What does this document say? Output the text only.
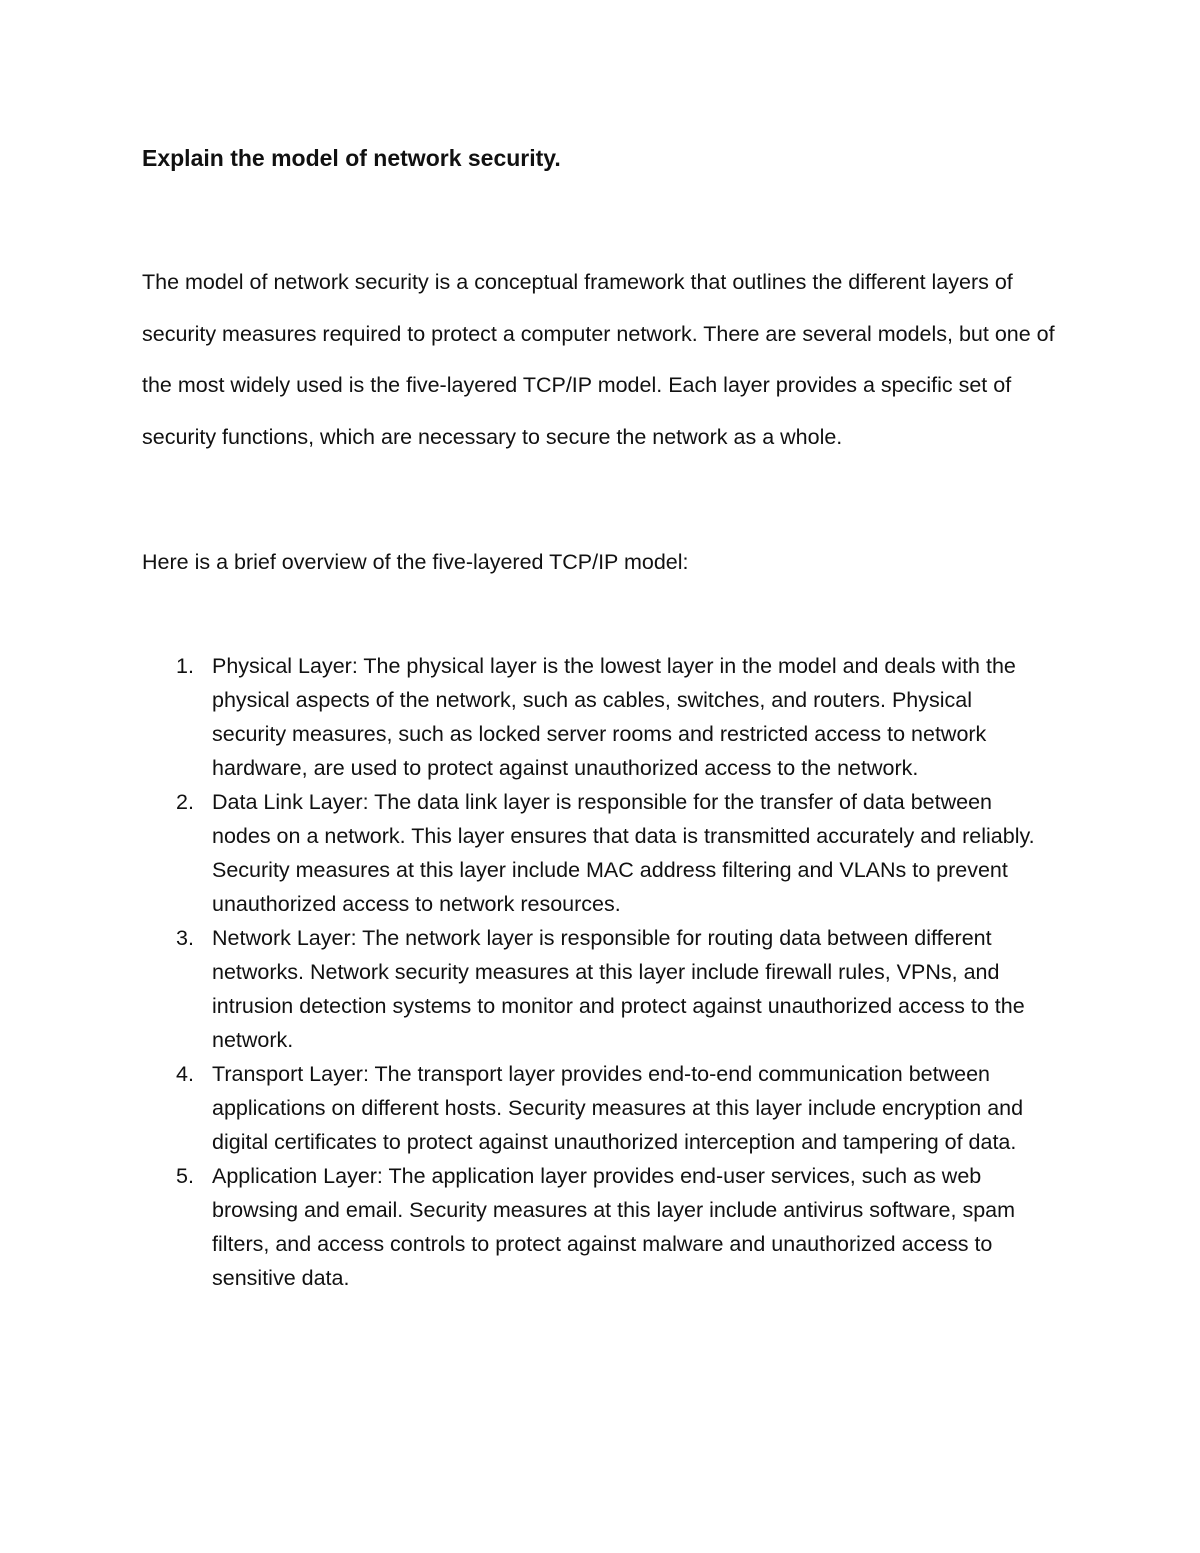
Explain the model of network security.

The model of network security is a conceptual framework that outlines the different layers of security measures required to protect a computer network. There are several models, but one of the most widely used is the five-layered TCP/IP model. Each layer provides a specific set of security functions, which are necessary to secure the network as a whole.

Here is a brief overview of the five-layered TCP/IP model:

1. Physical Layer: The physical layer is the lowest layer in the model and deals with the physical aspects of the network, such as cables, switches, and routers. Physical security measures, such as locked server rooms and restricted access to network hardware, are used to protect against unauthorized access to the network.
2. Data Link Layer: The data link layer is responsible for the transfer of data between nodes on a network. This layer ensures that data is transmitted accurately and reliably. Security measures at this layer include MAC address filtering and VLANs to prevent unauthorized access to network resources.
3. Network Layer: The network layer is responsible for routing data between different networks. Network security measures at this layer include firewall rules, VPNs, and intrusion detection systems to monitor and protect against unauthorized access to the network.
4. Transport Layer: The transport layer provides end-to-end communication between applications on different hosts. Security measures at this layer include encryption and digital certificates to protect against unauthorized interception and tampering of data.
5. Application Layer: The application layer provides end-user services, such as web browsing and email. Security measures at this layer include antivirus software, spam filters, and access controls to protect against malware and unauthorized access to sensitive data.
